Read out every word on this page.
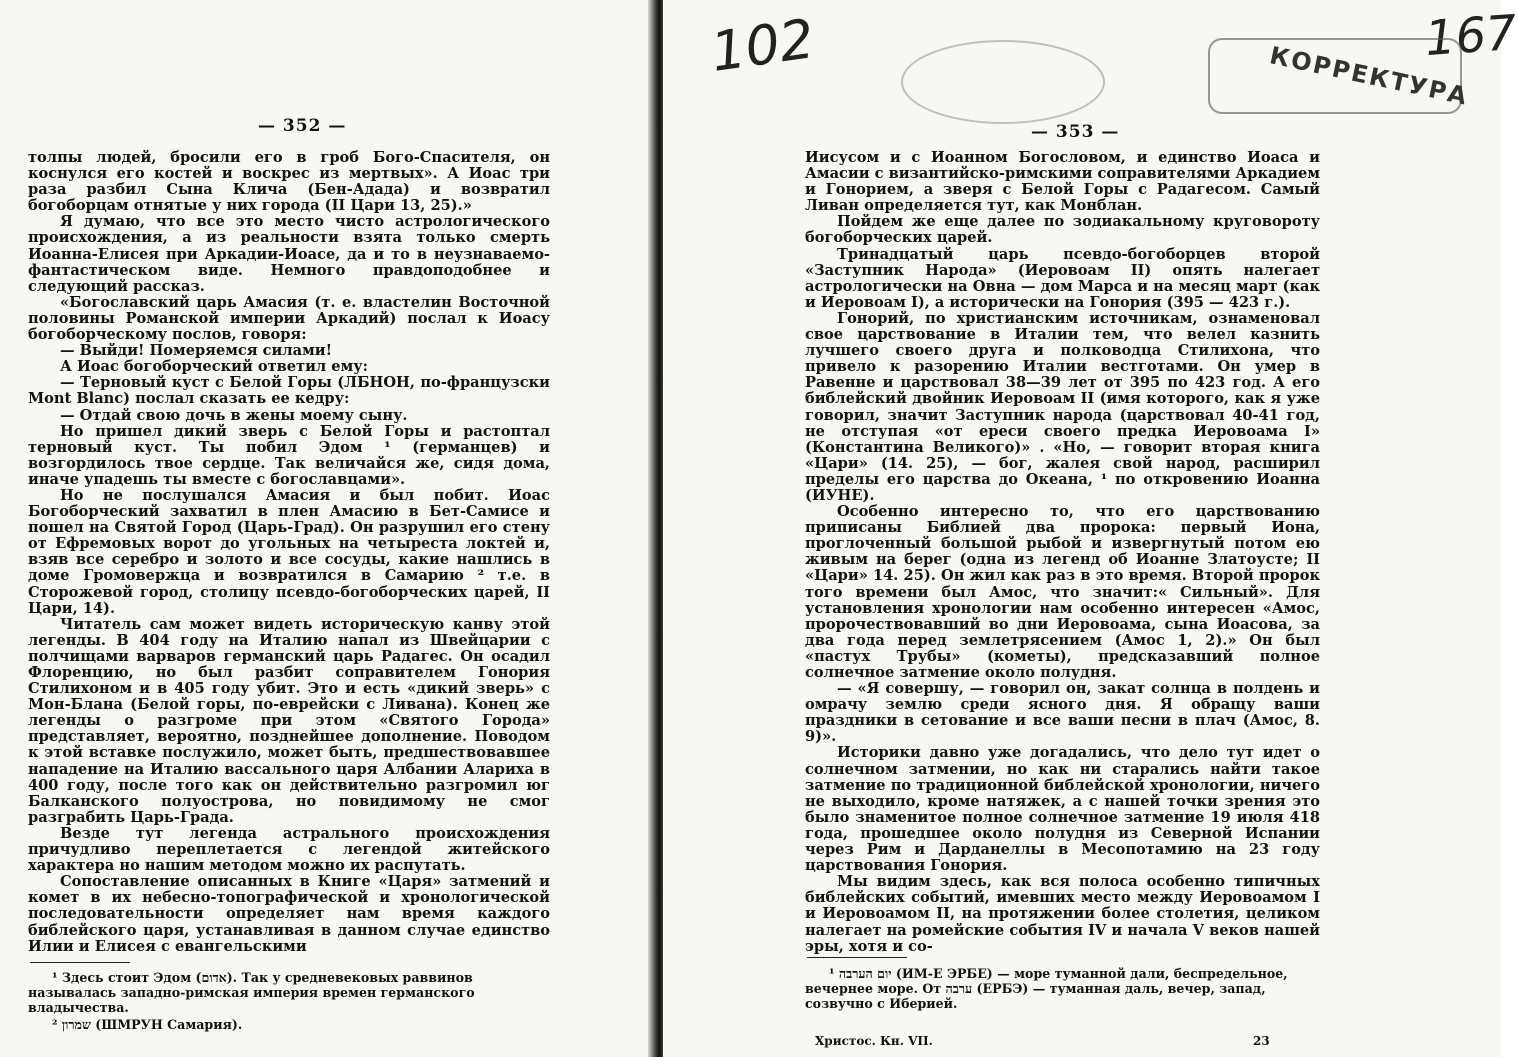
— 352 —

толпы людей, бросили его в гроб Бого-Спасителя, он коснулся его костей и воскрес из мертвых». А Иоас три раза разбил Сына Клича (Бен-Адада) и возвратил богоборцам отнятые у них города (II Цари 13, 25).»

Я думаю, что все это место чисто астрологического происхождения, а из реальности взята только смерть Иоанна-Елисея при Аркадии-Иоасе, да и то в неузнаваемо-фантастическом виде. Немного правдоподобнее и следующий рассказ.

«Богославский царь Амасия (т. е. властелин Восточной половины Романской империи Аркадий) послал к Иоасу богоборческому послов, говоря:

— Выйди! Померяемся силами!

А Иоас богоборческий ответил ему:

— Терновый куст с Белой Горы (ЛБНОН, по-французски Mont Blanc) послал сказать ее кедру:

— Отдай свою дочь в жены моему сыну.

Но пришел дикий зверь с Белой Горы и растоптал терновый куст. Ты побил Эдом ¹ (германцев) и возгордилось твое сердце. Так величайся же, сидя дома, иначе упадешь ты вместе с богославцами».

Но не послушался Амасия и был побит. Иоас Богоборческий захватил в плен Амасию в Бет-Самисе и пошел на Святой Город (Царь-Град). Он разрушил его стену от Ефремовых ворот до угольных на четыреста локтей и, взяв все серебро и золото и все сосуды, какие нашлись в доме Громовержца и возвратился в Самарию ² т.е. в Сторожевой город, столицу псевдо-богоборческих царей, II Цари, 14).

Читатель сам может видеть историческую канву этой легенды. В 404 году на Италию напал из Швейцарии с полчищами варваров германский царь Радагес. Он осадил Флоренцию, но был разбит соправителем Гонория Стилихоном и в 405 году убит. Это и есть «дикий зверь» с Мон-Блана (Белой горы, по-еврейски с Ливана). Конец же легенды о разгроме при этом «Святого Города» представляет, вероятно, позднейшее дополнение. Поводом к этой вставке послужило, может быть, предшествовавшее нападение на Италию вассального царя Албании Алариха в 400 году, после того как он действительно разгромил юг Балканского полуострова, но повидимому не смог разграбить Царь-Града.

Везде тут легенда астрального происхождения причудливо переплетается с легендой житейского характера но нашим методом можно их распутать.

Сопоставление описанных в Книге «Царя» затмений и комет в их небесно-топографической и хронологической последовательности определяет нам время каждого библейского царя, устанавливая в данном случае единство Илии и Елисея с евангельскими

¹ Здесь стоит Эдом (אדום). Так у средневековых раввинов называлась западно-римская империя времен германского владычества.

² שמרון (ШМРУН Самария).

102	167
КОРРЕКТУРА
— 353 —

Иисусом и с Иоанном Богословом, и единство Иоаса и Амасии с византийско-римскими соправителями Аркадием и Гонорием, а зверя с Белой Горы с Радагесом. Самый Ливан определяется тут, как Монблан.

Пойдем же еще далее по зодиакальному круговороту богоборческих царей.

Тринадцатый царь псевдо-богоборцев второй «Заступник Народа» (Иеровоам II) опять налегает астрологически на Овна — дом Марса и на месяц март (как и Иеровоам I), а исторически на Гонория (395 — 423 г.).

Гонорий, по христианским источникам, ознаменовал свое царствование в Италии тем, что велел казнить лучшего своего друга и полководца Стилихона, что привело к разорению Италии вестготами. Он умер в Равенне и царствовал 38—39 лет от 395 по 423 год. А его библейский двойник Иеровоам II (имя которого, как я уже говорил, значит Заступник народа (царствовал 40-41 год, не отступая «от ереси своего предка Иеровоама I» (Константина Великого)» . «Но, — говорит вторая книга «Цари» (14. 25), — бог, жалея свой народ, расширил пределы его царства до Океана, ¹ по откровению Иоанна (ИУНЕ).

Особенно интересно то, что его царствованию приписаны Библией два пророка: первый Иона, проглоченный большой рыбой и извергнутый потом ею живым на берег (одна из легенд об Иоанне Златоусте; II «Цари» 14. 25). Он жил как раз в это время. Второй пророк того времени был Амос, что значит:« Сильный». Для установления хронологии нам особенно интересен «Амос, пророчествовавший во дни Иеровоама, сына Иоасова, за два года перед землетрясением (Амос 1, 2).» Он был «пастух Трубы» (кометы), предсказавший полное солнечное затмение около полудня.

— «Я совершу, — говорил он, закат солнца в полдень и омрачу землю среди ясного дня. Я обращу ваши праздники в сетование и все ваши песни в плач (Амос, 8. 9)».

Историки давно уже догадались, что дело тут идет о солнечном затмении, но как ни старались найти такое затмение по традиционной библейской хронологии, ничего не выходило, кроме натяжек, а с нашей точки зрения это было знаменитое полное солнечное затмение 19 июля 418 года, прошедшее около полудня из Северной Испании через Рим и Дарданеллы в Месопотамию на 23 году царствования Гонория.

Мы видим здесь, как вся полоса особенно типичных библейских событий, имевших место между Иеровоамом I и Иеровоамом II, на протяжении более столетия, целиком налегает на ромейские события IV и начала V веков нашей эры, хотя и со-

¹ יום הערבה (ИМ-Е ЭРБЕ) — море туманной дали, беспредельное, вечернее море. От ערבה (ЕРБЭ) — туманная даль, вечер, запад, созвучно с Иберией.

Христос. Кн. VII.	23
